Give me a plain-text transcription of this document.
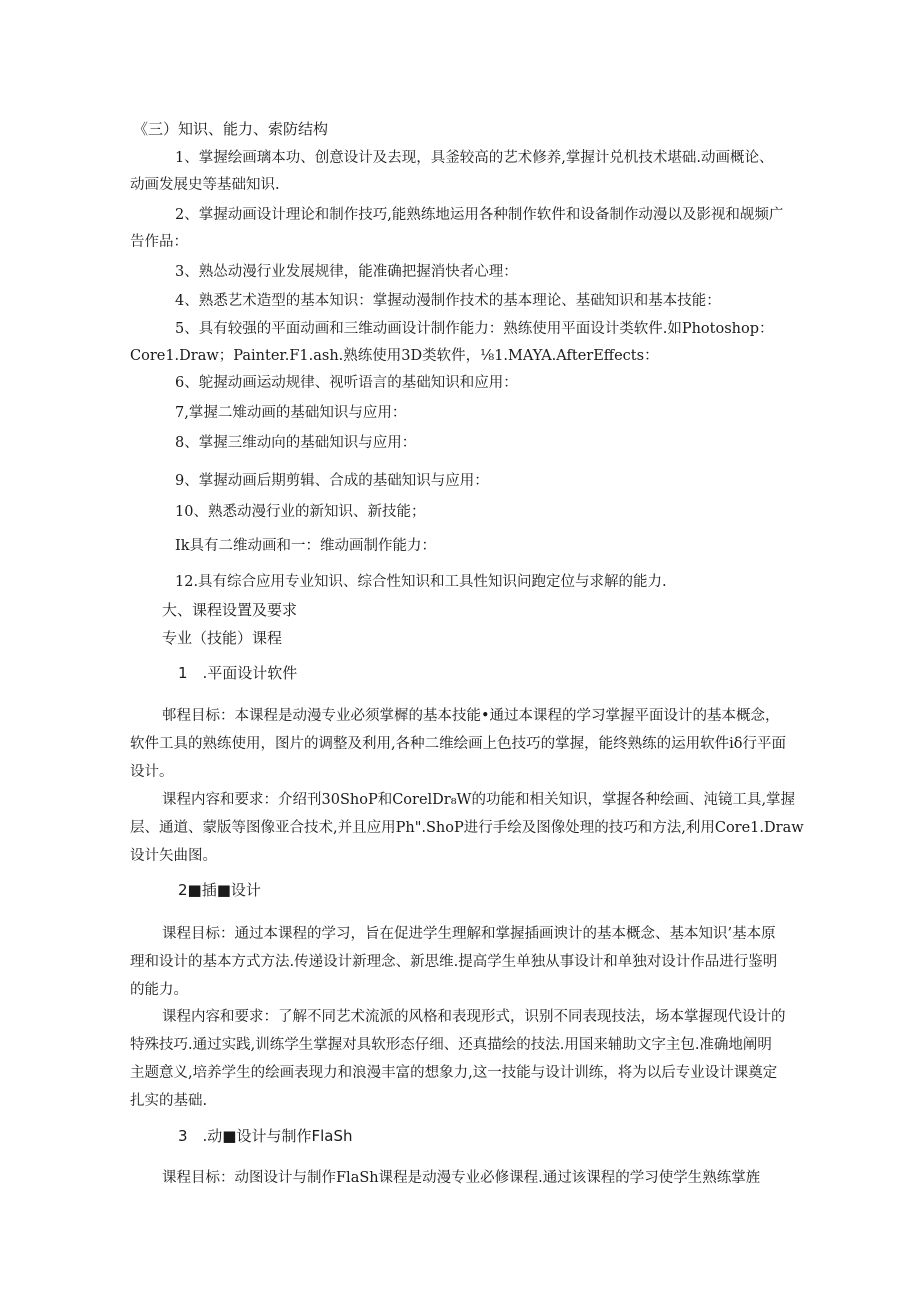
《三）知识、能力、索防结构
1、掌握绘画璃本功、创意设计及去现，具釜较高的艺术修养,掌握计兑机技术堪础.动画概论、
动画发展史等基础知识.
2、掌握动画设计理论和制作技巧,能熟练地运用各种制作软件和设备制作动漫以及影视和觇频广
告作品：
3、熟怂动漫行业发展规律，能准确把握消快者心理：
4、熟悉艺术造型的基本知识：掌握动漫制作技术的基本理论、基础知识和基本技能：
5、具有较强的平面动画和三维动画设计制作能力：熟练使用平面设计类软件.如Photoshop：
Core1.Draw；Painter.F1.ash.熟练使用3D类软件，⅛1.MAYA.AfterEffects：
6、鸵握动画运动规律、视听语言的基础知识和应用：
7,掌握二雉动画的基础知识与应用：
8、掌握三维动向的基础知识与应用：
9、掌握动画后期剪辑、合成的基础知识与应用：
10、熟悉动漫行业的新知识、新技能；
Ik具有二维动画和一：维动画制作能力：
12.具有综合应用专业知识、综合性知识和工具性知识问跑定位与求解的能力.
大、课程设置及要求
专业（技能）课程
1　.平面设计软件
邨程目标：本课程是动漫专业必须掌樨的基本技能•通过本课程的学习掌握平面设计的基本概念，
软件工具的熟练使用，图片的调整及利用,各种二维绘画上色技巧的掌握，能终熟练的运用软件iδ行平面
设计。
课程内容和要求：介绍刊30ShoP和CorelDr₈W的功能和相关知识，掌握各种绘画、沌镜工具,掌握
层、通道、蒙版等图像亚合技术,并且应用Ph".ShoP进行手绘及图像处理的技巧和方法,利用Core1.Draw
设计矢曲图。
2■插■设计
课程目标：通过本课程的学习，旨在促进学生理解和掌握插画谀计的基本概念、基本知识’基本原
理和设计的基本方式方法.传递设计新理念、新思维.提高学生单独从事设计和单独对设计作品进行鉴明
的能力。
课程内容和要求：了解不同艺术流派的风格和表现形式，识别不同表现技法，场本掌握现代设计的
特殊技巧.通过实践,训练学生掌握对具软形态仔细、还真描绘的技法.用国来辅助文字主包.准确地阐明
主题意义,培养学生的绘画表现力和浪漫丰富的想象力,这一技能与设计训练，将为以后专业设计课奠定
扎实的基础.
3　.动■设计与制作FlaSh
课程目标：动图设计与制作FlaSh课程是动漫专业必修课程.通过该课程的学习使学生熟练掌旌
